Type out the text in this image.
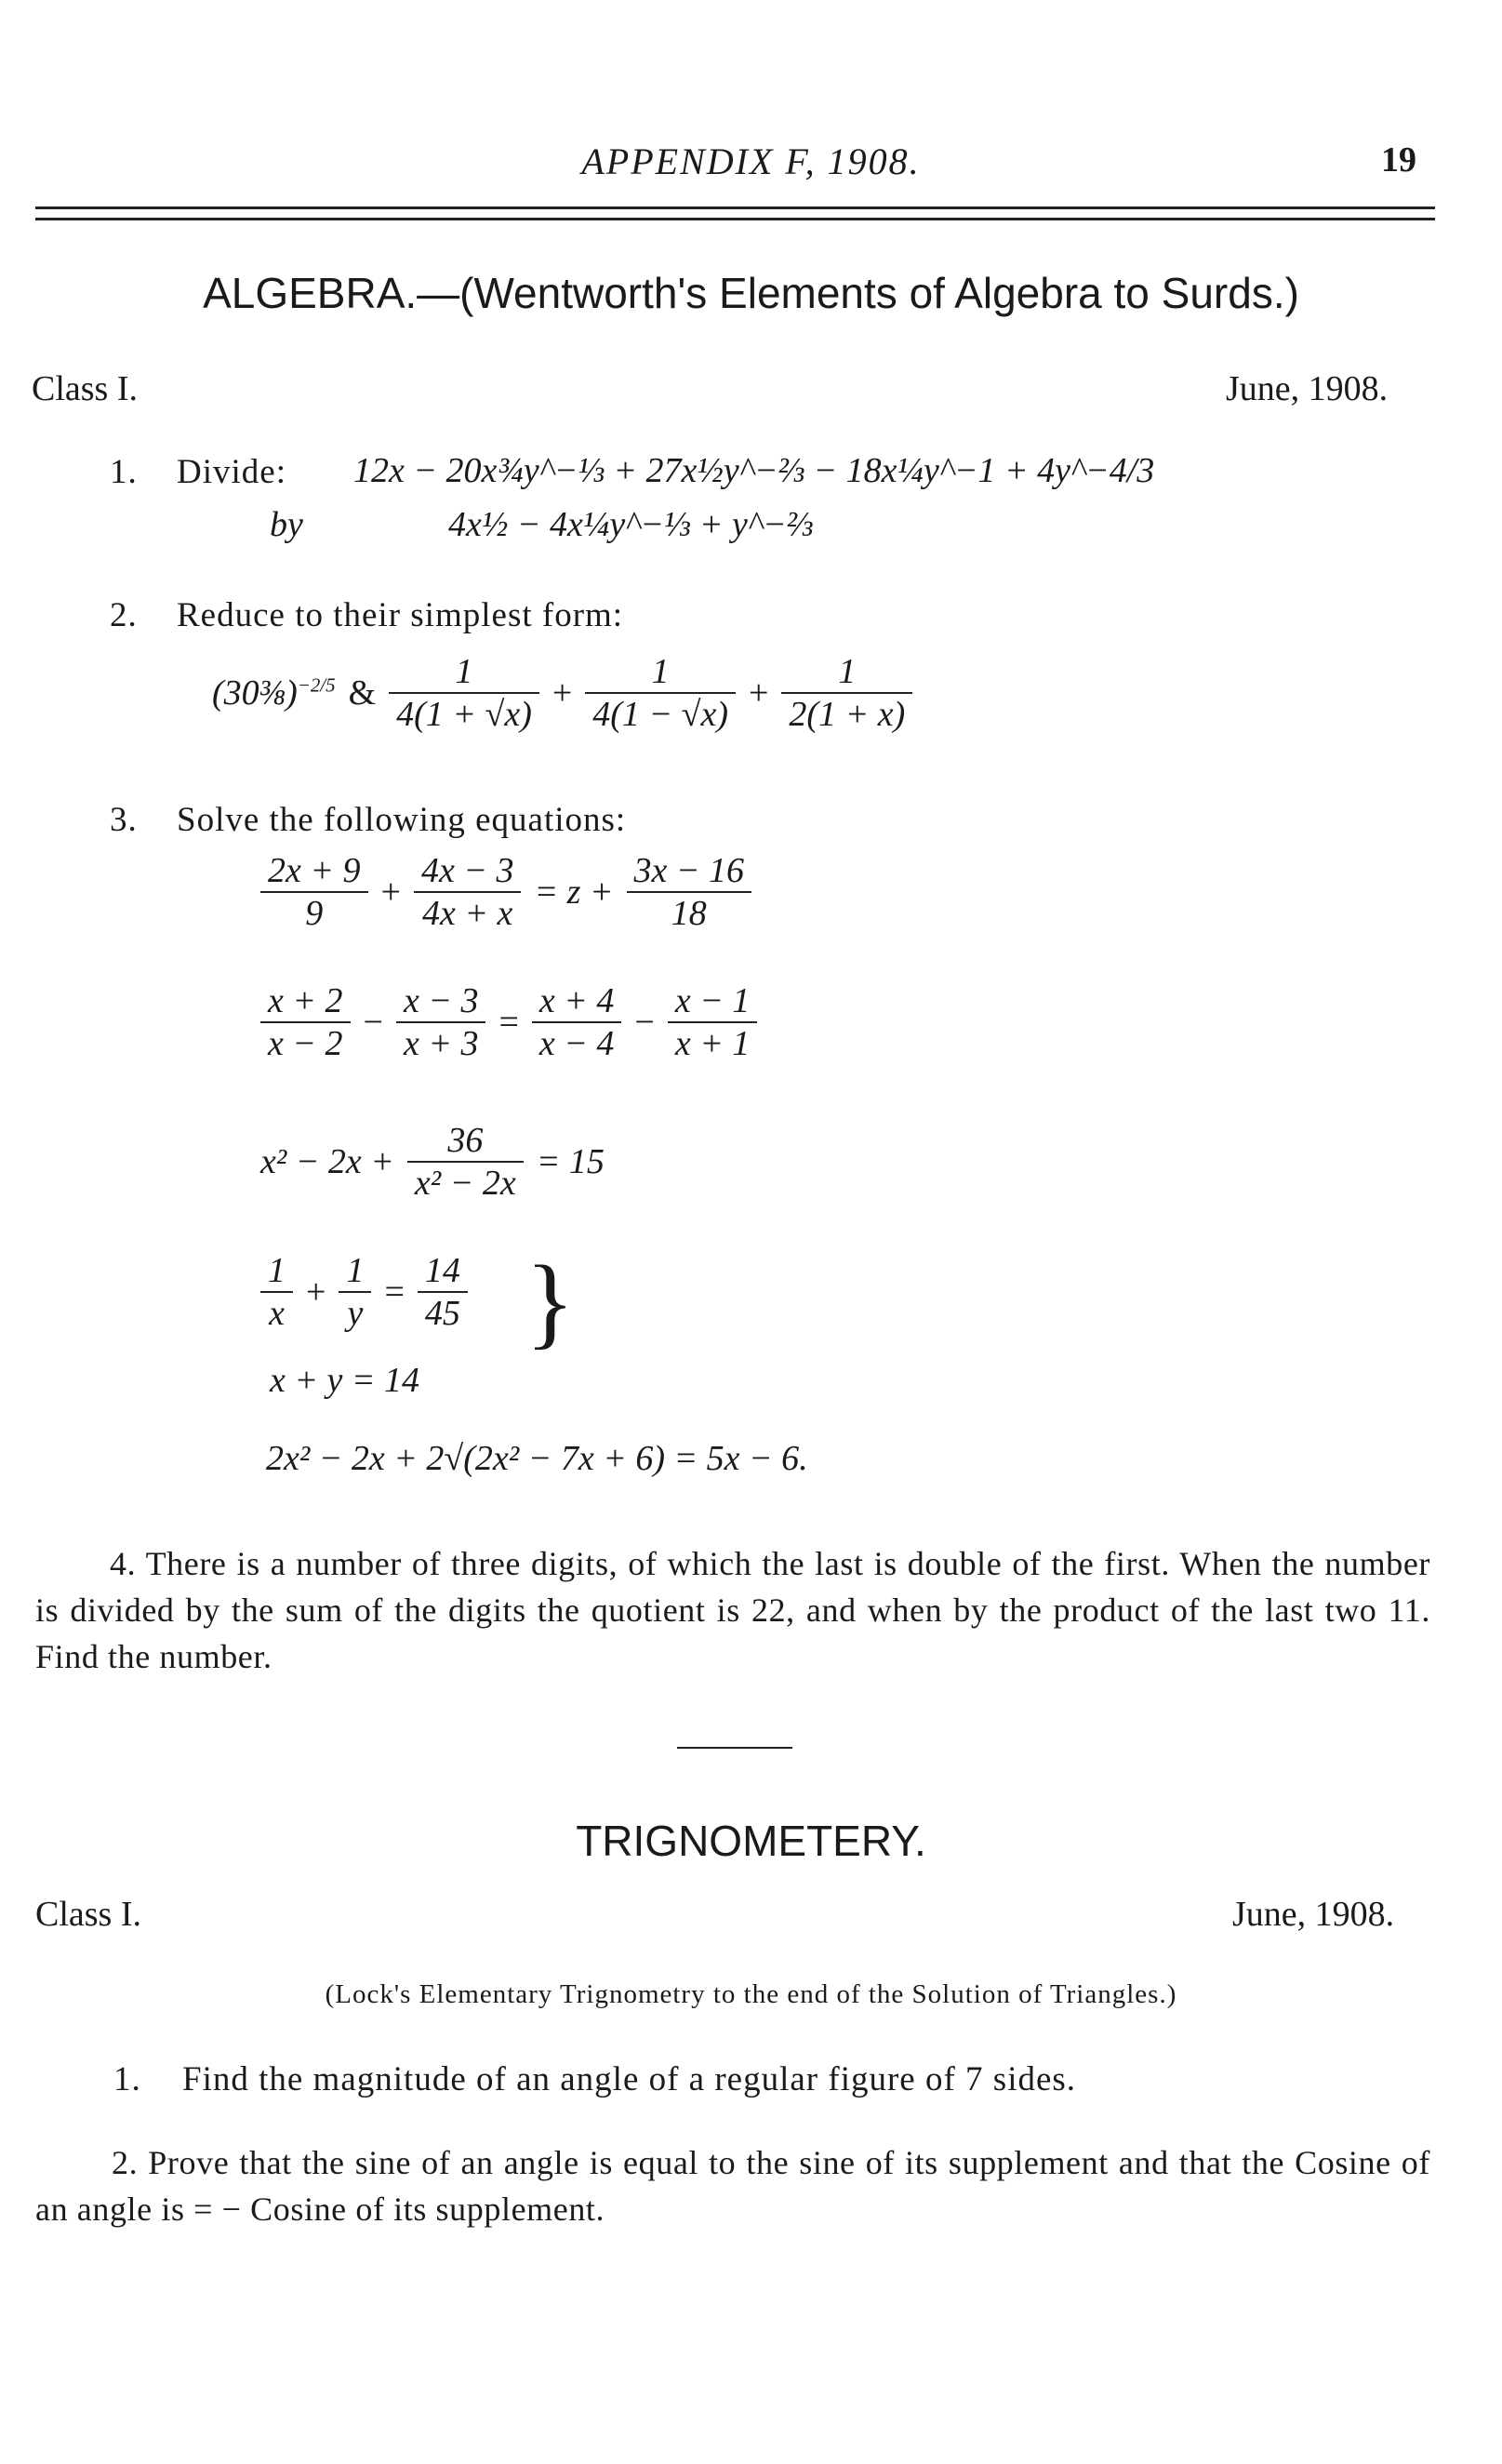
APPENDIX F, 1908.	19
ALGEBRA.—(Wentworth's Elements of Algebra to Surds.)
Class I.	June, 1908.
1. Divide: 12x − 20x¾y^−⅓ + 27x½y^−⅔ − 18x¼y^−1 + 4y^−4/3
by	4x½ − 4x¼y^−⅓ + y^−⅔
2. Reduce to their simplest form:
(30⅜)$^{-2/5}$ & $\frac{1}{4(1 + √x)} + \frac{1}{4(1 - √x)} + \frac{1}{2(1 + x)}$
3. Solve the following equations:
$\frac{2x + 9}{9} + \frac{4x - 3}{4x + x} = z + \frac{3x - 16}{18}$
$\frac{x + 2}{x - 2} - \frac{x - 3}{x + 3} = \frac{x + 4}{x - 4} - \frac{x - 1}{x + 1}$
$x^2 - 2x + \frac{36}{\text{x² − 2x}} = 15$
$\frac{1}{x} + \frac{1}{y} = \frac{14}{45}$
x + y = 14
}
2x² − 2x + 2√(2x² − 7x + 6) = 5x − 6.
4. There is a number of three digits, of which the last is double of the first. When the number is divided by the sum of the digits the quotient is 22, and when by the product of the last two 11. Find the number.
TRIGNOMETERY.
Class I.	June, 1908.
(Lock's Elementary Trignometry to the end of the Solution of Triangles.)
1. Find the magnitude of an angle of a regular figure of 7 sides.
2. Prove that the sine of an angle is equal to the sine of its supplement and that the Cosine of an angle is = − Cosine of its supplement.
